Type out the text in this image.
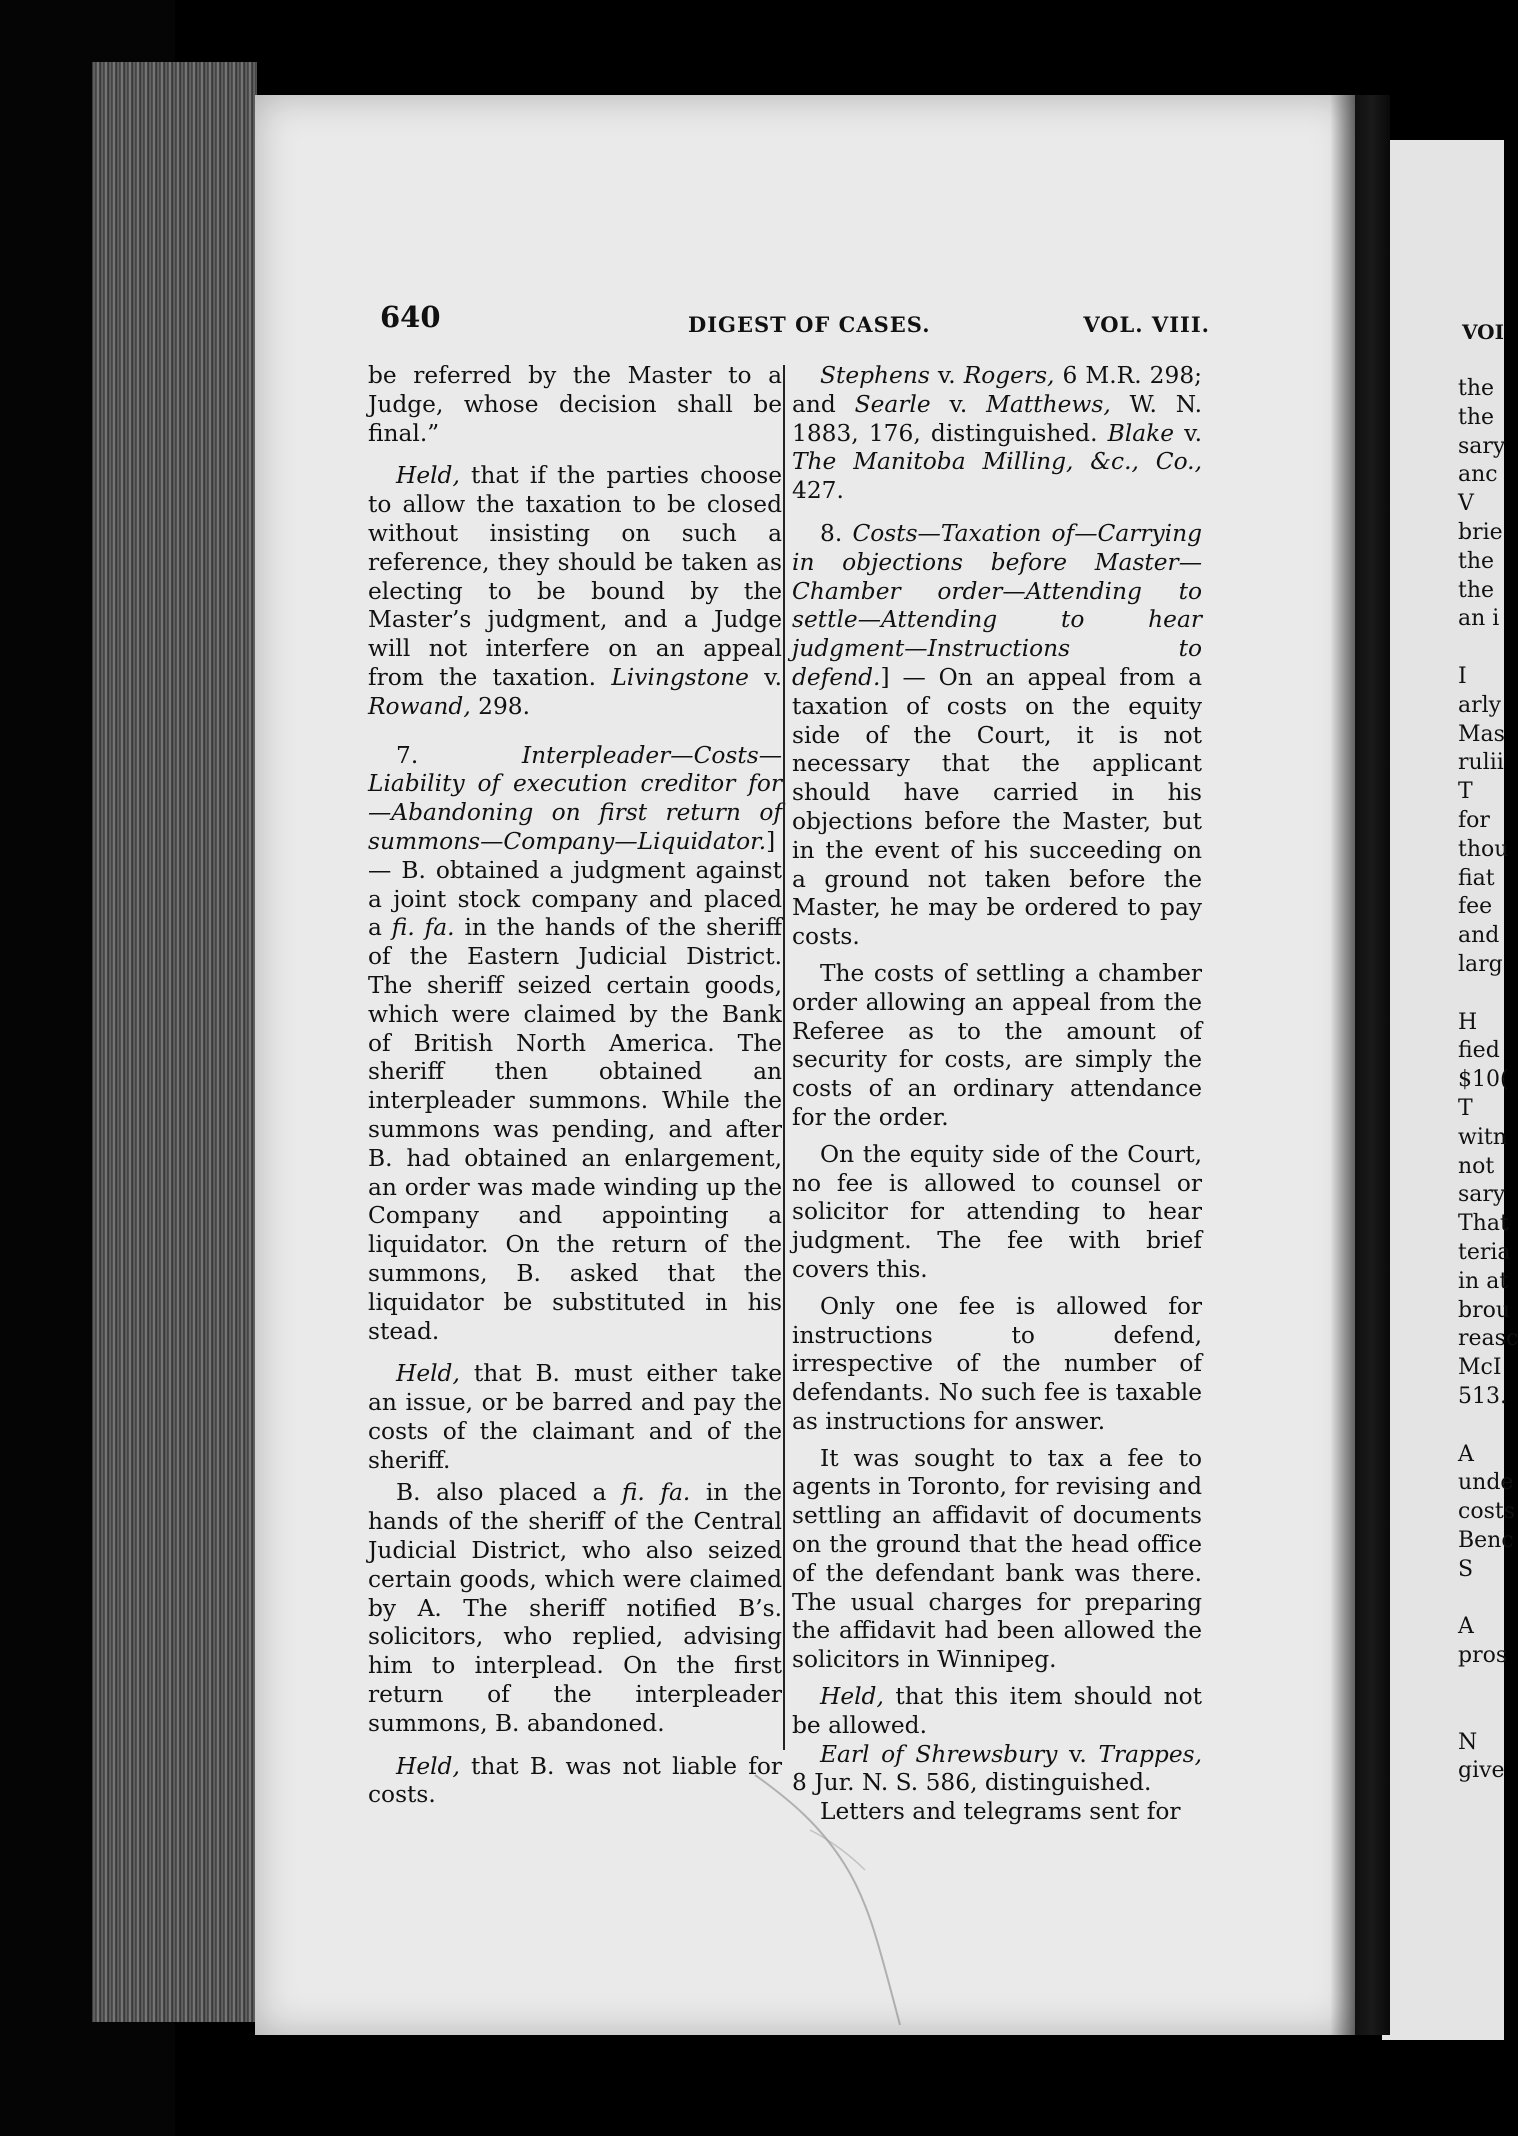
640	DIGEST OF CASES.	VOL. VIII.

be referred by the Master to a Judge, whose decision shall be final.”

Held, that if the parties choose to allow the taxation to be closed without insisting on such a reference, they should be taken as electing to be bound by the Master’s judgment, and a Judge will not interfere on an appeal from the taxation. Livingstone v. Rowand, 298.

7. Interpleader—Costs—Liability of execution creditor for—Abandoning on first return of summons—Company—Liquidator.] — B. obtained a judgment against a joint stock company and placed a fi. fa. in the hands of the sheriff of the Eastern Judicial District. The sheriff seized certain goods, which were claimed by the Bank of British North America. The sheriff then obtained an interpleader summons. While the summons was pending, and after B. had obtained an enlargement, an order was made winding up the Company and appointing a liquidator. On the return of the summons, B. asked that the liquidator be substituted in his stead.

Held, that B. must either take an issue, or be barred and pay the costs of the claimant and of the sheriff.

B. also placed a fi. fa. in the hands of the sheriff of the Central Judicial District, who also seized certain goods, which were claimed by A. The sheriff notified B’s. solicitors, who replied, advising him to interplead. On the first return of the interpleader summons, B. abandoned.

Held, that B. was not liable for costs.

Stephens v. Rogers, 6 M.R. 298; and Searle v. Matthews, W. N. 1883, 176, distinguished. Blake v. The Manitoba Milling, &c., Co., 427.

8. Costs—Taxation of—Carrying in objections before Master—Chamber order—Attending to settle—Attending to hear judgment—Instructions to defend.] — On an appeal from a taxation of costs on the equity side of the Court, it is not necessary that the applicant should have carried in his objections before the Master, but in the event of his succeeding on a ground not taken before the Master, he may be ordered to pay costs.

The costs of settling a chamber order allowing an appeal from the Referee as to the amount of security for costs, are simply the costs of an ordinary attendance for the order.

On the equity side of the Court, no fee is allowed to counsel or solicitor for attending to hear judgment. The fee with brief covers this.

Only one fee is allowed for instructions to defend, irrespective of the number of defendants. No such fee is taxable as instructions for answer.

It was sought to tax a fee to agents in Toronto, for revising and settling an affidavit of documents on the ground that the head office of the defendant bank was there. The usual charges for preparing the affidavit had been allowed the solicitors in Winnipeg.

Held, that this item should not be allowed.

Earl of Shrewsbury v. Trappes, 8 Jur. N. S. 586, distinguished.

Letters and telegrams sent for

VOI
the
the
sary
anc
V
brie
the
the
an i
I
arly
Mas
rulii
T
for
thou
fiat
fee
and
larg
H
fied
$10(
T
witn
not
sary
That
teria
in at
brou
reasc
McI
513.
A
unde
costs
Benc
S
A
pros
N
give
